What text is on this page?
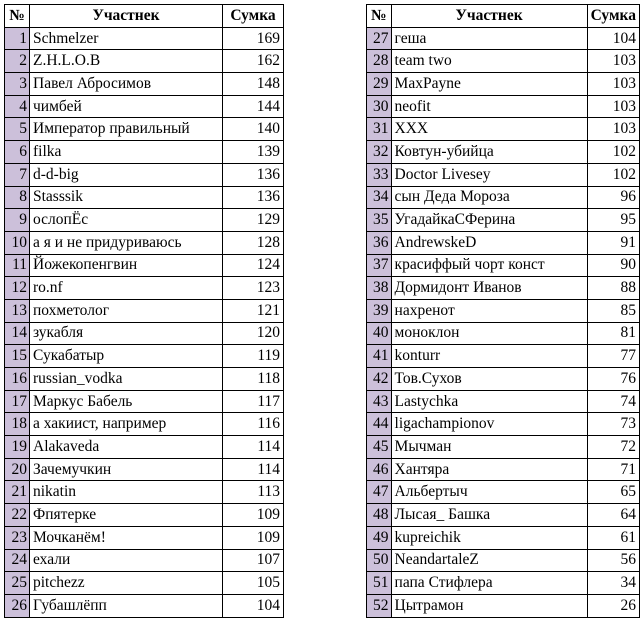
№	Участнек	Сумка
1	Schmelzer	169
2	Z.H.L.O.B	162
3	Павел Абросимов	148
4	чимбей	144
5	Император правильный	140
6	filka	139
7	d-d-big	136
8	Stasssik	136
9	ослопЁс	129
10	а я и не придуриваюсь	128
11	Йожекопенгвин	124
12	ro.nf	123
13	похметолог	121
14	зукабля	120
15	Сукабатыр	119
16	russian_vodka	118
17	Маркус Бабель	117
18	а хакиист, например	116
19	Alakaveda	114
20	Зачемучкин	114
21	nikatin	113
22	Фпятерке	109
23	Мочканём!	109
24	ехали	107
25	pitchezz	105
26	Губашлёпп	104
№	Участнек	Сумка
27	геша	104
28	team two	103
29	MaxPayne	103
30	neofit	103
31	XXX	103
32	Ковтун-убийца	102
33	Doctor Livesey	102
34	сын Деда Мороза	96
35	УгадайкаСФерина	95
36	AndrewskeD	91
37	красиффый чорт конст	90
38	Дормидонт Иванов	88
39	нахренот	85
40	моноклон	81
41	konturr	77
42	Тов.Сухов	76
43	Lastychka	74
44	ligachampionov	73
45	Мычман	72
46	Хантяра	71
47	Альбертыч	65
48	Лысая_ Башка	64
49	kupreichik	61
50	NeandartaleZ	56
51	папа Стифлера	34
52	Цытрамон	26
